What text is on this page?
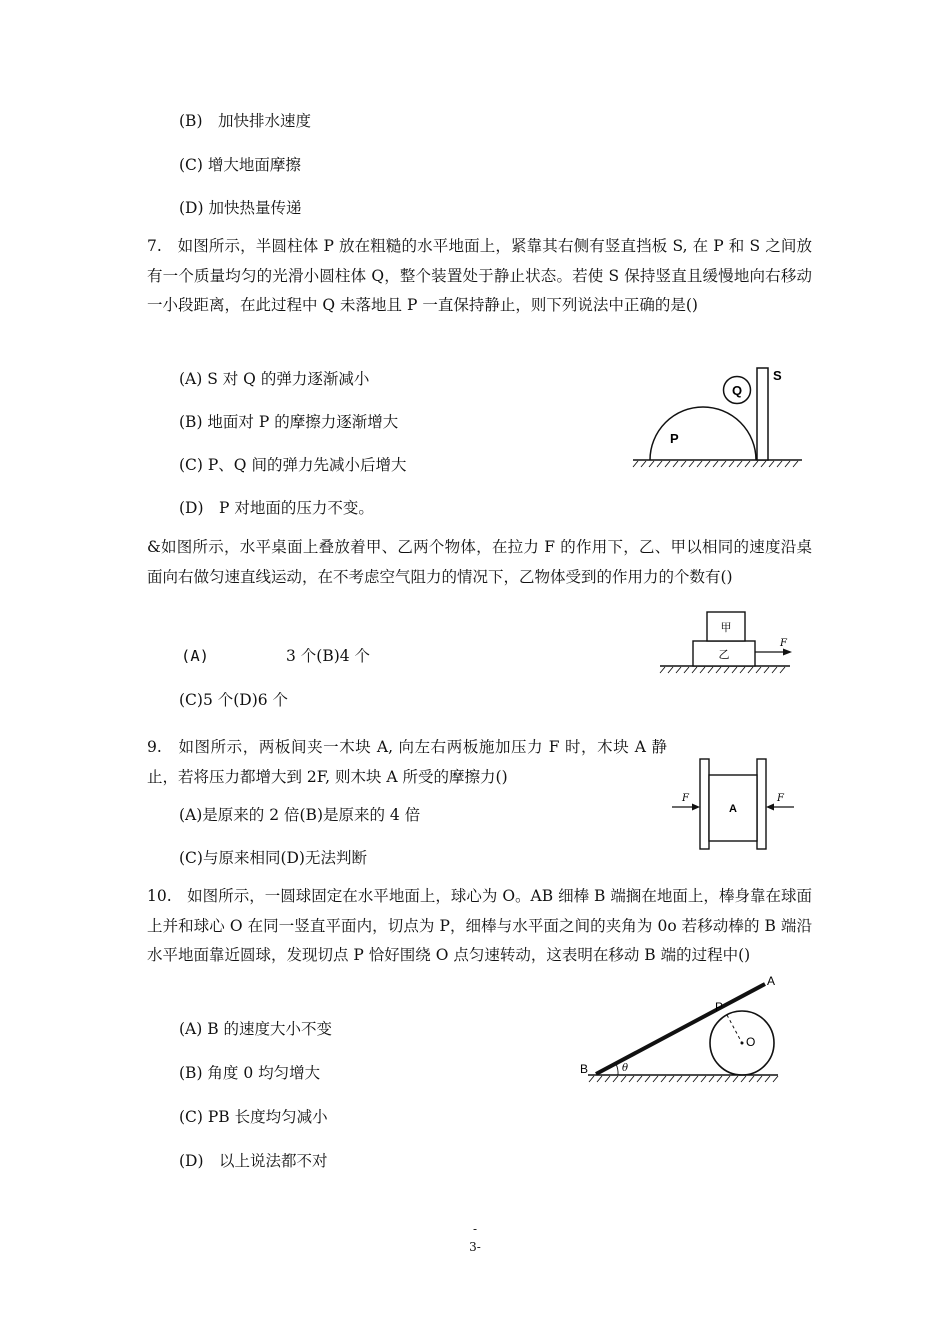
(B)　加快排水速度
(C) 增大地面摩擦
(D) 加快热量传递
7.　如图所示，半圆柱体 P 放在粗糙的水平地面上，紧靠其右侧有竖直挡板 S, 在 P 和 S 之间放有一个质量均匀的光滑小圆柱体 Q，整个装置处于静止状态。若使 S 保持竖直且缓慢地向右移动一小段距离，在此过程中 Q 未落地且 P 一直保持静止，则下列说法中正确的是()
(A) S 对 Q 的弹力逐渐减小
(B) 地面对 P 的摩擦力逐渐增大
(C) P、Q 间的弹力先减小后增大
(D)　P 对地面的压力不变。
Q
S
P
&如图所示，水平桌面上叠放着甲、乙两个物体，在拉力 F 的作用下，乙、甲以相同的速度沿桌面向右做匀速直线运动，在不考虑空气阻力的情况下，乙物体受到的作用力的个数有()
(A)	3 个(B)4 个
(C)5 个(D)6 个
甲
乙
F
9.　如图所示，两板间夹一木块 A, 向左右两板施加压力 F 时，木块 A 静止，若将压力都增大到 2F, 则木块 A 所受的摩擦力()
(A)是原来的 2 倍(B)是原来的 4 倍
(C)与原来相同(D)无法判断
A
F	F
10.　如图所示，一圆球固定在水平地面上，球心为 O。AB 细棒 B 端搁在地面上，棒身靠在球面上并和球心 O 在同一竖直平面内，切点为 P，细棒与水平面之间的夹角为 0o 若移动棒的 B 端沿水平地面靠近圆球，发现切点 P 恰好围绕 O 点匀速转动，这表明在移动 B 端的过程中()
(A) B 的速度大小不变
(B) 角度 0 均匀增大
(C) PB 长度均匀减小
(D)　以上说法都不对
A
P
O
B	θ
-
3-
